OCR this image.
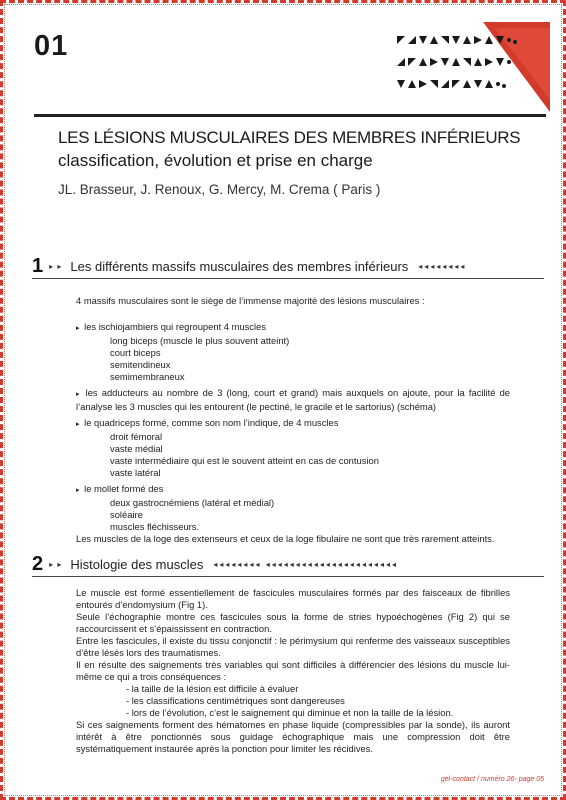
01
LES LÉSIONS MUSCULAIRES DES MEMBRES INFÉRIEURS
classification, évolution et prise en charge
JL. Brasseur, J. Renoux, G. Mercy, M. Crema ( Paris )
1 ▸ ▸ Les différents massifs musculaires des membres inférieurs ◂◂◂◂◂◂◂◂

4 massifs musculaires sont le siège de l’immense majorité des lésions musculaires :

▸ les ischiojambiers qui regroupent 4 muscles

long biceps (muscle le plus souvent atteint)

court biceps

semitendineux

semimembraneux

▸ les adducteurs au nombre de 3 (long, court et grand) mais auxquels on ajoute, pour la facilité de l’analyse les 3 muscles qui les entourent (le pectiné, le gracile et le sartorius) (schéma)

▸ le quadriceps formé, comme son nom l’indique, de 4 muscles

droit fémoral

vaste médial

vaste intermédiaire qui est le souvent atteint en cas de contusion

vaste latéral

▸ le mollet formé des

deux gastrocnémiens (latéral et médial)

soléaire

muscles fléchisseurs.

Les muscles de la loge des extenseurs et ceux de la loge fibulaire ne sont que très rarement atteints.

2 ▸ ▸ Histologie des muscles ◂◂◂◂◂◂◂◂ ◂◂◂◂◂◂◂◂◂◂◂◂◂◂◂◂◂◂◂◂◂◂

Le muscle est formé essentiellement de fascicules musculaires formés par des faisceaux de fibrilles entourés d’endomysium (Fig 1).

Seule l’échographie montre ces fascicules sous la forme de stries hypoéchogènes (Fig 2) qui se raccourcissent et s’épaississent en contraction.

Entre les fascicules, il existe du tissu conjonctif : le périmysium qui renferme des vaisseaux susceptibles d’être lésés lors des traumatismes.

Il en résulte des saignements très variables qui sont difficiles à différencier des lésions du muscle lui-même ce qui a trois conséquences :

- la taille de la lésion est difficile à évaluer

- les classifications centimétriques sont dangereuses

- lors de l’évolution, c’est le saignement qui diminue et non la taille de la lésion.

Si ces saignements forment des hématomes en phase liquide (compressibles par la sonde), ils auront intérêt à être ponctionnés sous guidage échographique mais une compression doit être systématiquement instaurée après la ponction pour limiter les récidives.

gel-contact / numéro 26- page 05
